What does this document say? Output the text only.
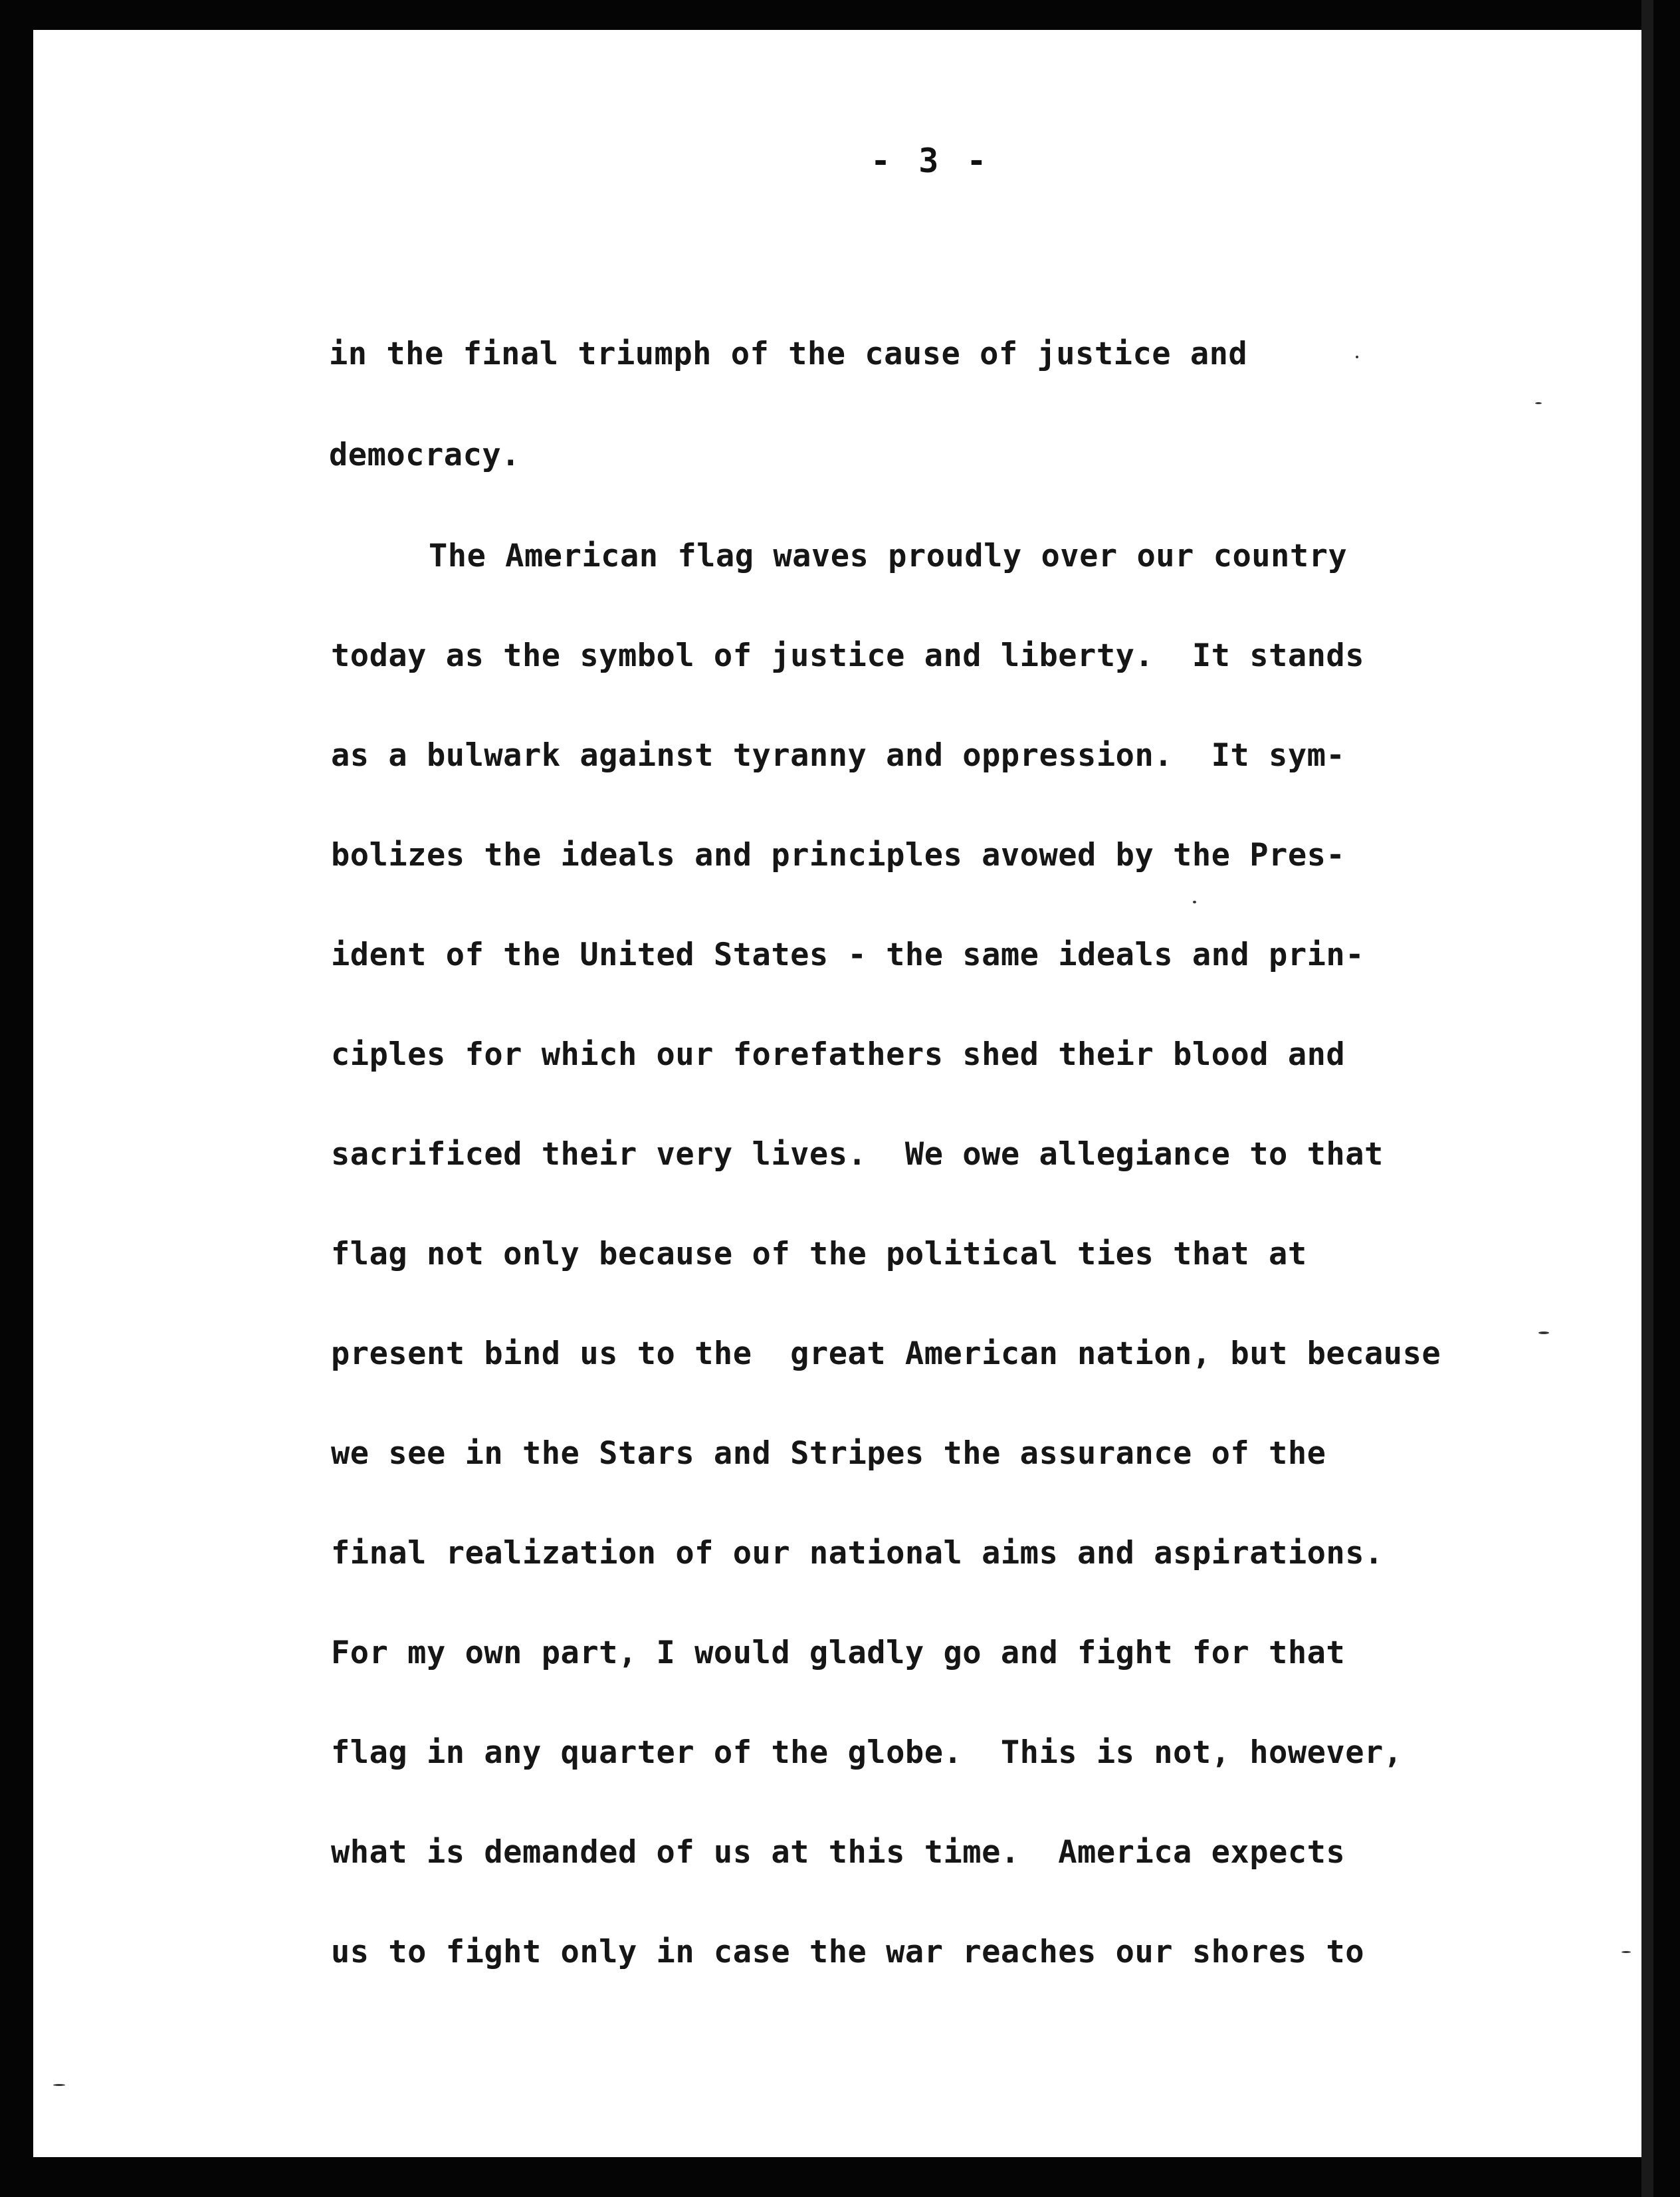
- 3 -
in the final triumph of the cause of justice and
democracy.
The American flag waves proudly over our country
today as the symbol of justice and liberty.  It stands
as a bulwark against tyranny and oppression.  It sym-
bolizes the ideals and principles avowed by the Pres-
ident of the United States - the same ideals and prin-
ciples for which our forefathers shed their blood and
sacrificed their very lives.  We owe allegiance to that
flag not only because of the political ties that at
present bind us to the  great American nation, but because
we see in the Stars and Stripes the assurance of the
final realization of our national aims and aspirations.
For my own part, I would gladly go and fight for that
flag in any quarter of the globe.  This is not, however,
what is demanded of us at this time.  America expects
us to fight only in case the war reaches our shores to
